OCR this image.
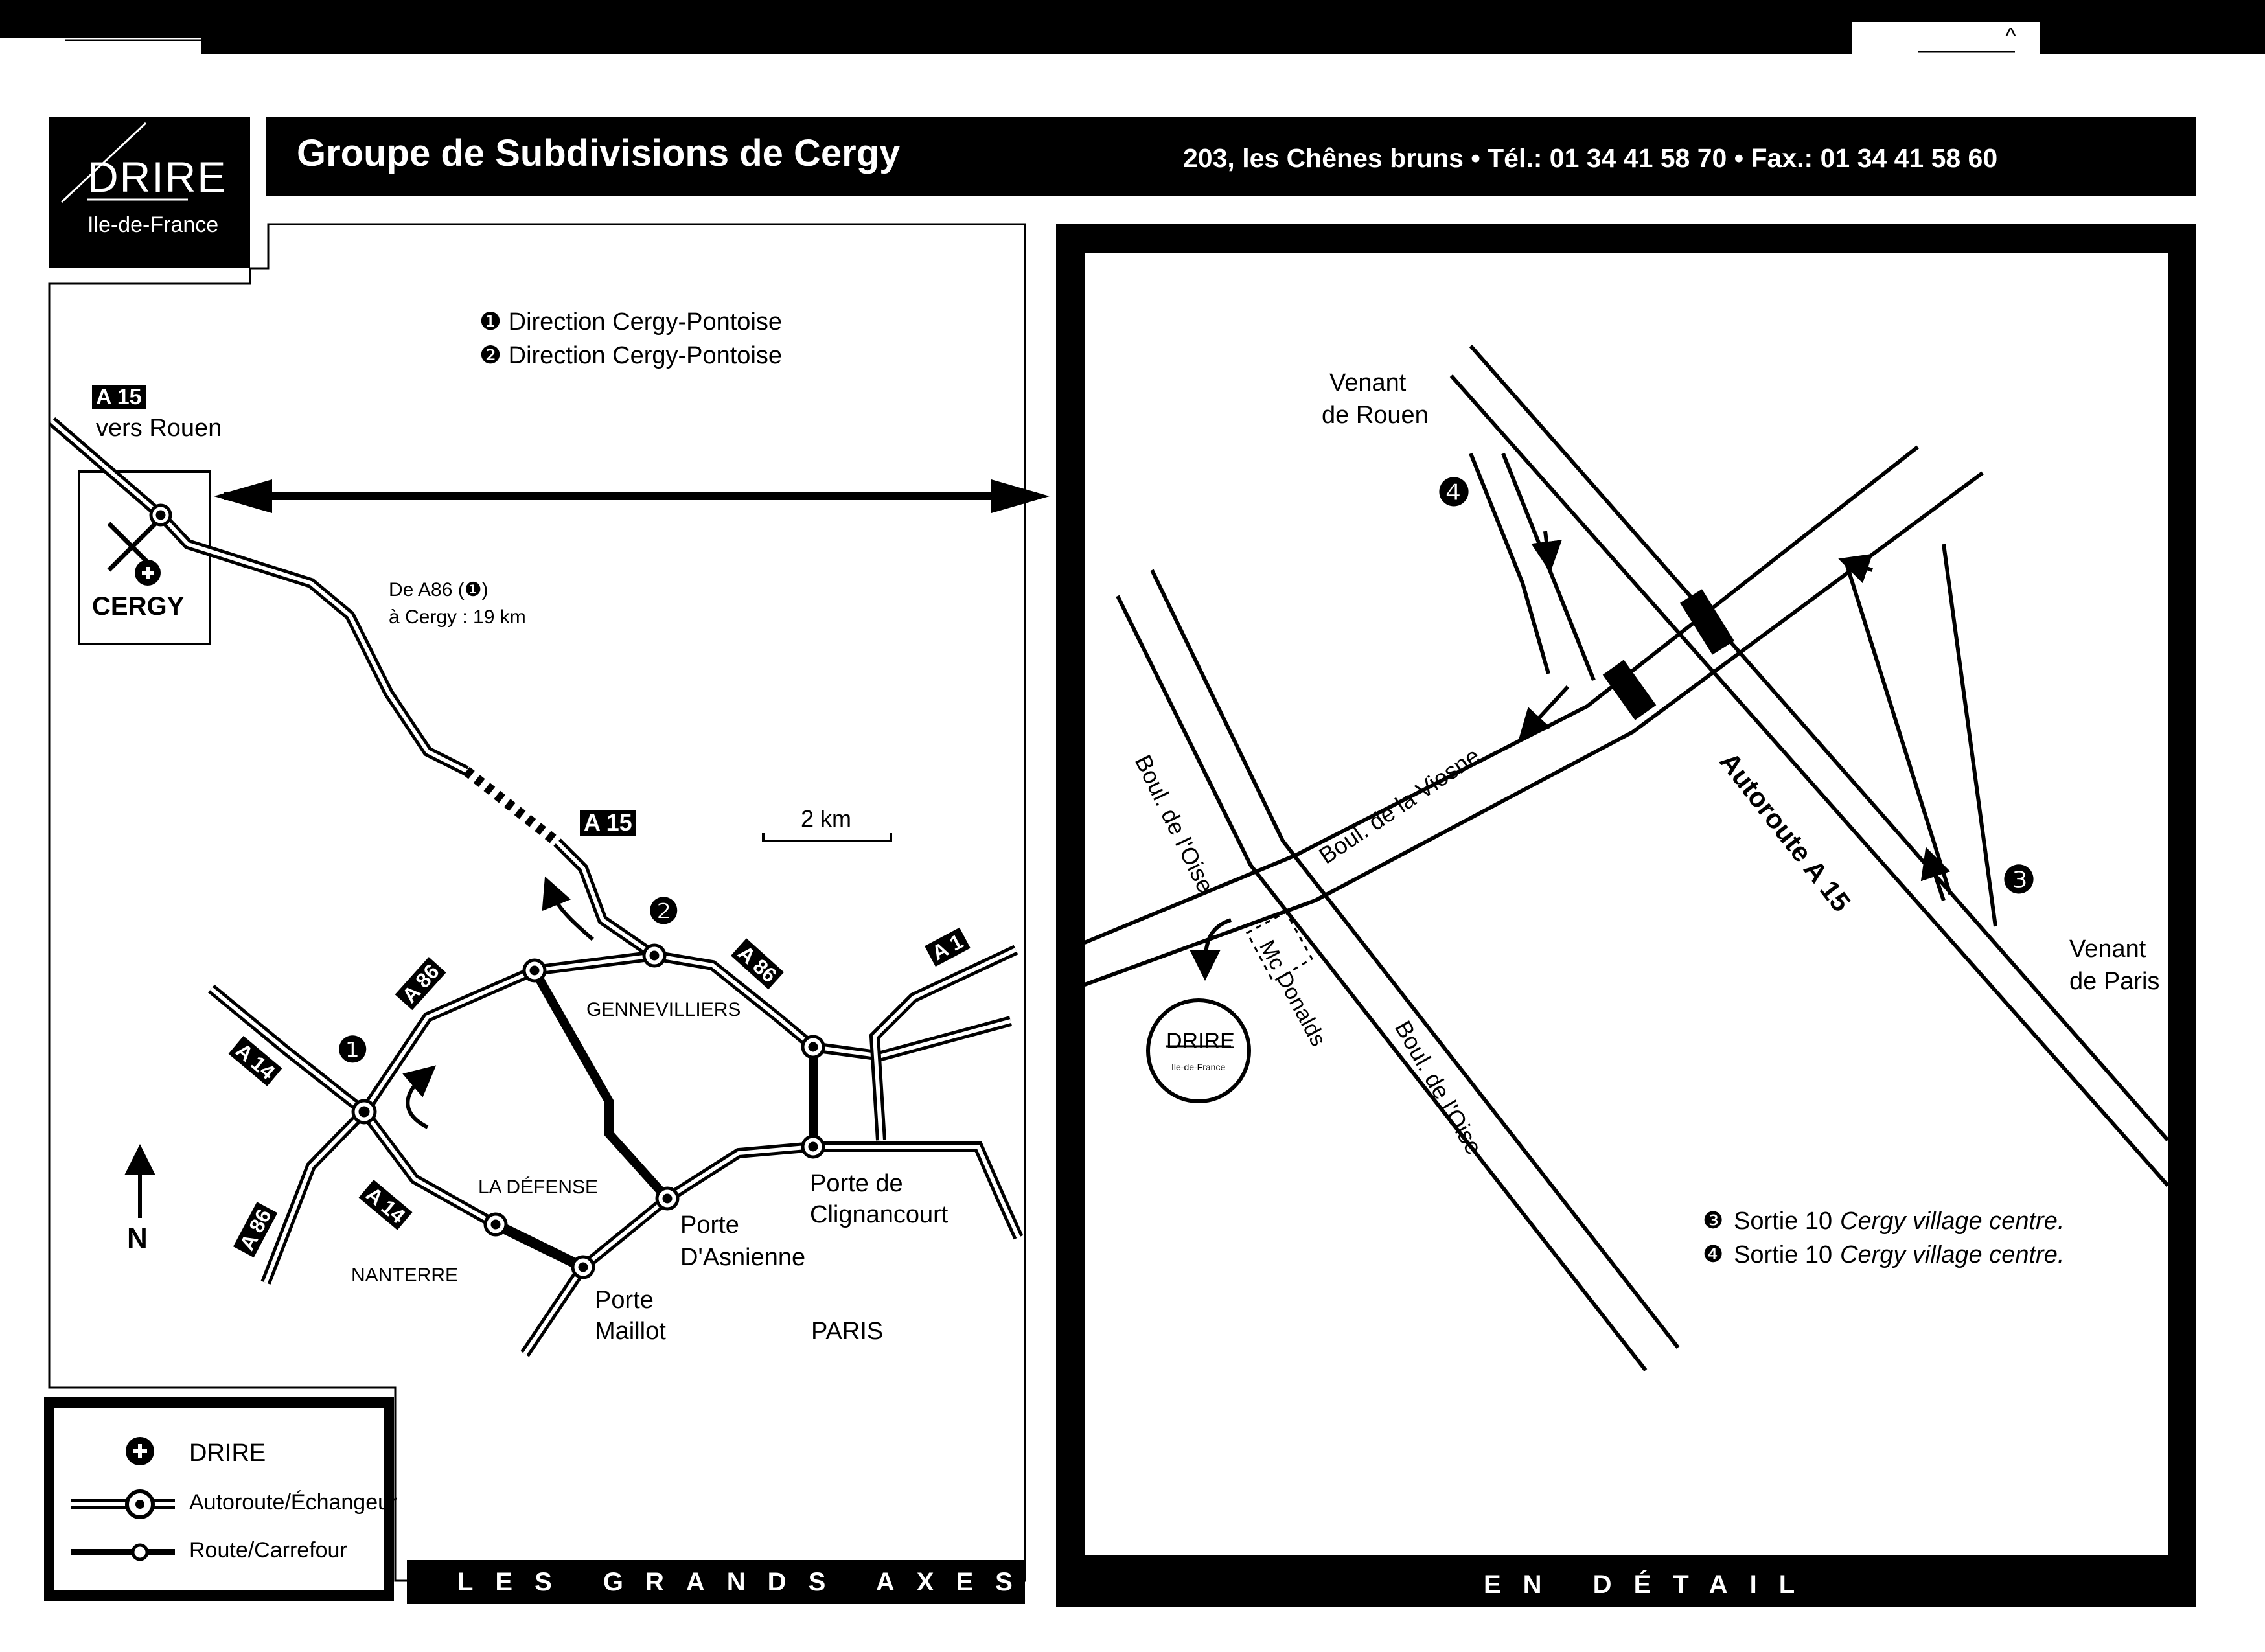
GM 04 06 833-3A-C	^
DRIRE
Ile-de-France
Groupe de Subdivisions de Cergy	203, les Chênes bruns • Tél.: 01 34 41 58 70 • Fax.: 01 34 41 58 60
❶ Direction Cergy-Pontoise
❷ Direction Cergy-Pontoise
A 15
vers Rouen
CERGY
De A86 (❶)
à Cergy : 19 km
A 15	2 km
❶
❷
A 86	A 86
A 86
A 14
A 14
A 1
GENNEVILLIERS
LA DÉFENSE
NANTERRE
Porte
D'Asnienne
Porte
Maillot
Porte de
Clignancourt
PARIS
N
DRIRE
Autoroute/Échangeur
Route/Carrefour
LES GRANDS AXES	EN DÉTAIL
Venant
de Rouen
Venant
de Paris
❹
❸
Boul. de l'Oise
Boul. de l'Oise
Boul. de la Viosne	Autoroute A 15
Mc Donalds
DRIRE
Ile-de-France
❸ Sortie 10 Cergy village centre.
❹ Sortie 10 Cergy village centre.
